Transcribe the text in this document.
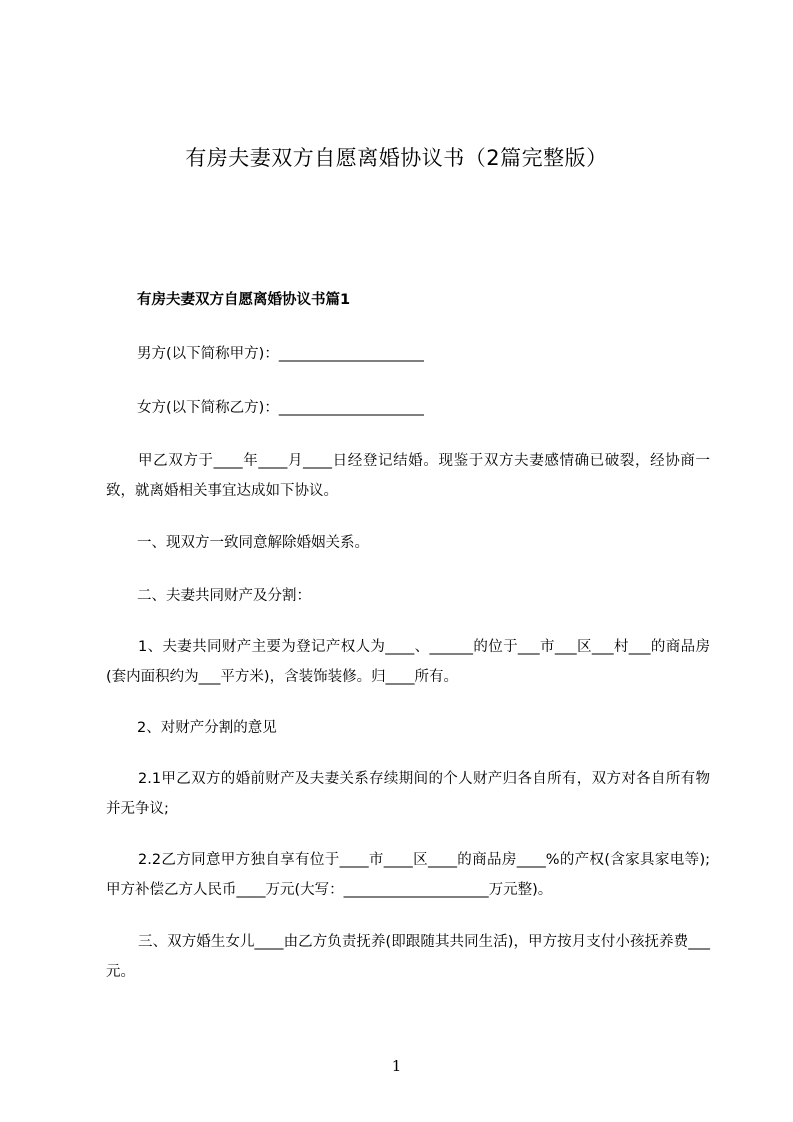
有房夫妻双方自愿离婚协议书（2篇完整版）
有房夫妻双方自愿离婚协议书篇1
男方(以下简称甲方)：____________________
女方(以下简称乙方)：____________________
甲乙双方于____年____月____日经登记结婚。现鉴于双方夫妻感情确已破裂，经协商一致，就离婚相关事宜达成如下协议。
一、现双方一致同意解除婚姻关系。
二、夫妻共同财产及分割：
1、夫妻共同财产主要为登记产权人为____、______的位于___市___区___村___的商品房(套内面积约为___平方米)，含装饰装修。归____所有。
2、对财产分割的意见
2.1甲乙双方的婚前财产及夫妻关系存续期间的个人财产归各自所有，双方对各自所有物并无争议;
2.2乙方同意甲方独自享有位于____市____区____的商品房____%的产权(含家具家电等);甲方补偿乙方人民币____万元(大写：____________________万元整)。
三、双方婚生女儿____由乙方负责抚养(即跟随其共同生活)，甲方按月支付小孩抚养费___元。
1
